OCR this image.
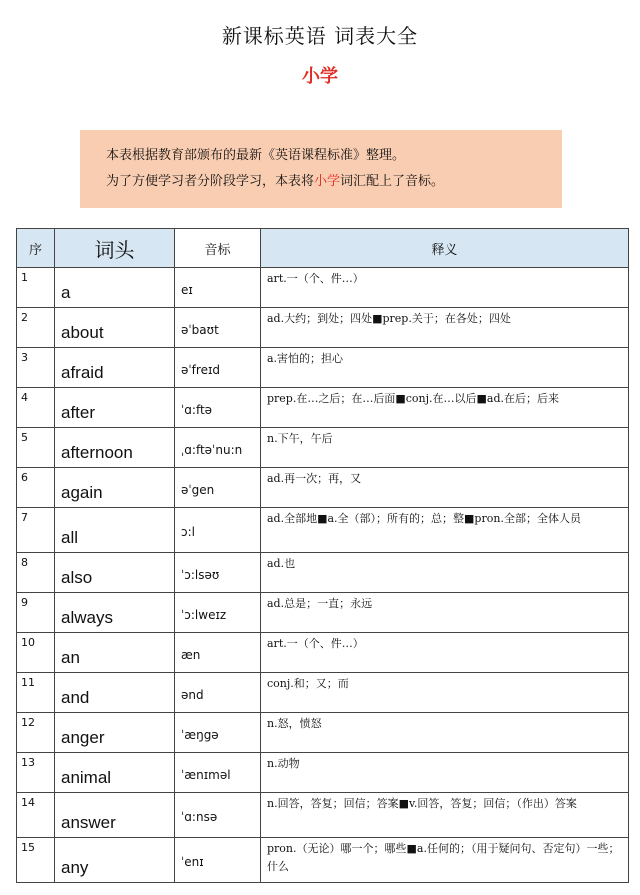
新课标英语 词表大全
小学
本表根据教育部颁布的最新《英语课程标准》整理。
为了方便学习者分阶段学习，本表将小学词汇配上了音标。
序	词头	音标	释义
1	a	eɪ	art.一（个、件…）
2	about	əˈbaʊt	ad.大约；到处；四处■prep.关于；在各处；四处
3	afraid	əˈfreɪd	a.害怕的；担心
4	after	ˈɑ:ftə	prep.在…之后；在…后面■conj.在…以后■ad.在后；后来
5	afternoon	ˌɑ:ftəˈnu:n	n.下午，午后
6	again	əˈgen	ad.再一次；再，又
7	all	ɔ:l	ad.全部地■a.全（部）；所有的；总；整■pron.全部；全体人员
8	also	ˈɔ:lsəʊ	ad.也
9	always	ˈɔ:lweɪz	ad.总是；一直；永远
10	an	æn	art.一（个、件…）
11	and	ənd	conj.和；又；而
12	anger	ˈæŋgə	n.怒，愤怒
13	animal	ˈænɪməl	n.动物
14	answer	ˈɑ:nsə	n.回答，答复；回信；答案■v.回答，答复；回信；（作出）答案
15	any	ˈenɪ	pron.（无论）哪一个；哪些■a.任何的；（用于疑问句、否定句）一些；什么
